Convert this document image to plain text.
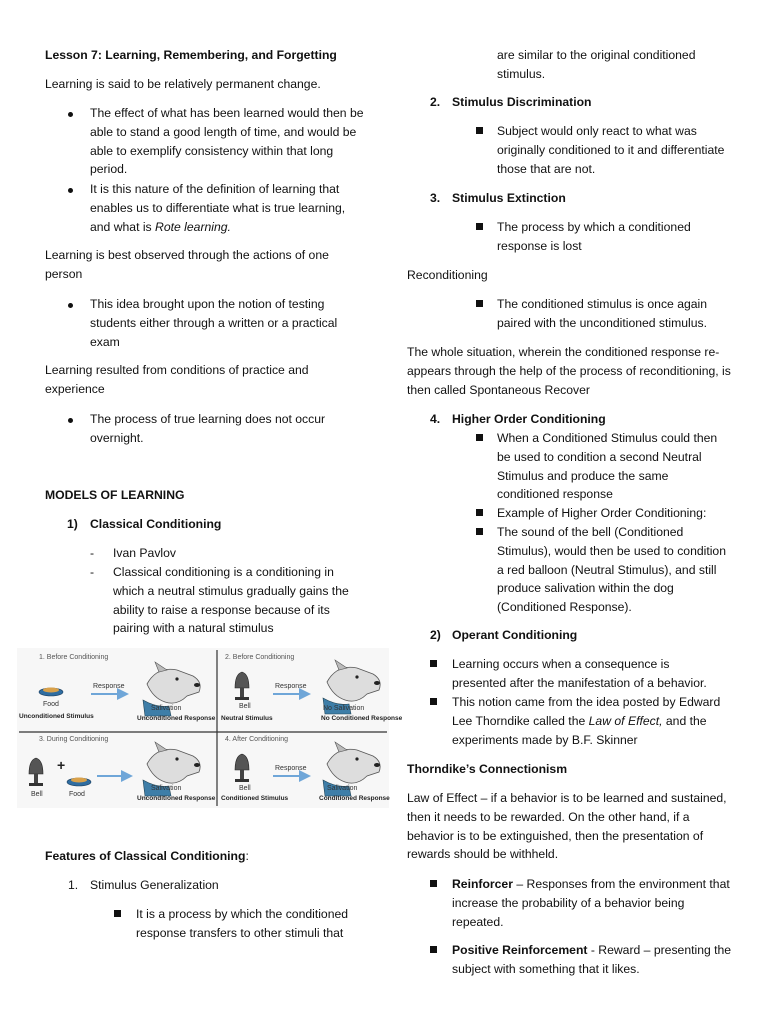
Lesson 7: Learning, Remembering, and Forgetting
Learning is said to be relatively permanent change.
The effect of what has been learned would then be able to stand a good length of time, and would be able to exemplify consistency within that long period.
It is this nature of the definition of learning that enables us to differentiate what is true learning, and what is Rote learning.
Learning is best observed through the actions of one person
This idea brought upon the notion of testing students either through a written or a practical exam
Learning resulted from conditions of practice and experience
The process of true learning does not occur overnight.
MODELS OF LEARNING
1) Classical Conditioning
- Ivan Pavlov
- Classical conditioning is a conditioning in which a neutral stimulus gradually gains the ability to raise a response because of its pairing with a natural stimulus
1. Before Conditioning
Food
Response
Salivation
Unconditioned Stimulus	Unconditioned Response
2. Before Conditioning
Bell
Response
No Salivation
Neutral Stimulus	No Conditioned Response
3. During Conditioning
+
Bell	Food
Salivation
Unconditioned Response
4. After Conditioning
Bell
Response
Salivation
Conditioned Stimulus	Conditioned Response
Features of Classical Conditioning:
1. Stimulus Generalization
It is a process by which the conditioned response transfers to other stimuli that
are similar to the original conditioned stimulus.
2. Stimulus Discrimination
Subject would only react to what was originally conditioned to it and differentiate those that are not.
3. Stimulus Extinction
The process by which a conditioned response is lost
Reconditioning
The conditioned stimulus is once again paired with the unconditioned stimulus.
The whole situation, wherein the conditioned response re-appears through the help of the process of reconditioning, is then called Spontaneous Recover
4. Higher Order Conditioning
When a Conditioned Stimulus could then be used to condition a second Neutral Stimulus and produce the same conditioned response
Example of Higher Order Conditioning:
The sound of the bell (Conditioned Stimulus), would then be used to condition a red balloon (Neutral Stimulus), and still produce salivation within the dog (Conditioned Response).
2) Operant Conditioning
Learning occurs when a consequence is presented after the manifestation of a behavior.
This notion came from the idea posted by Edward Lee Thorndike called the Law of Effect, and the experiments made by B.F. Skinner
Thorndike’s Connectionism
Law of Effect – if a behavior is to be learned and sustained, then it needs to be rewarded. On the other hand, if a behavior is to be extinguished, then the presentation of rewards should be withheld.
Reinforcer – Responses from the environment that increase the probability of a behavior being repeated.
Positive Reinforcement - Reward – presenting the subject with something that it likes.
